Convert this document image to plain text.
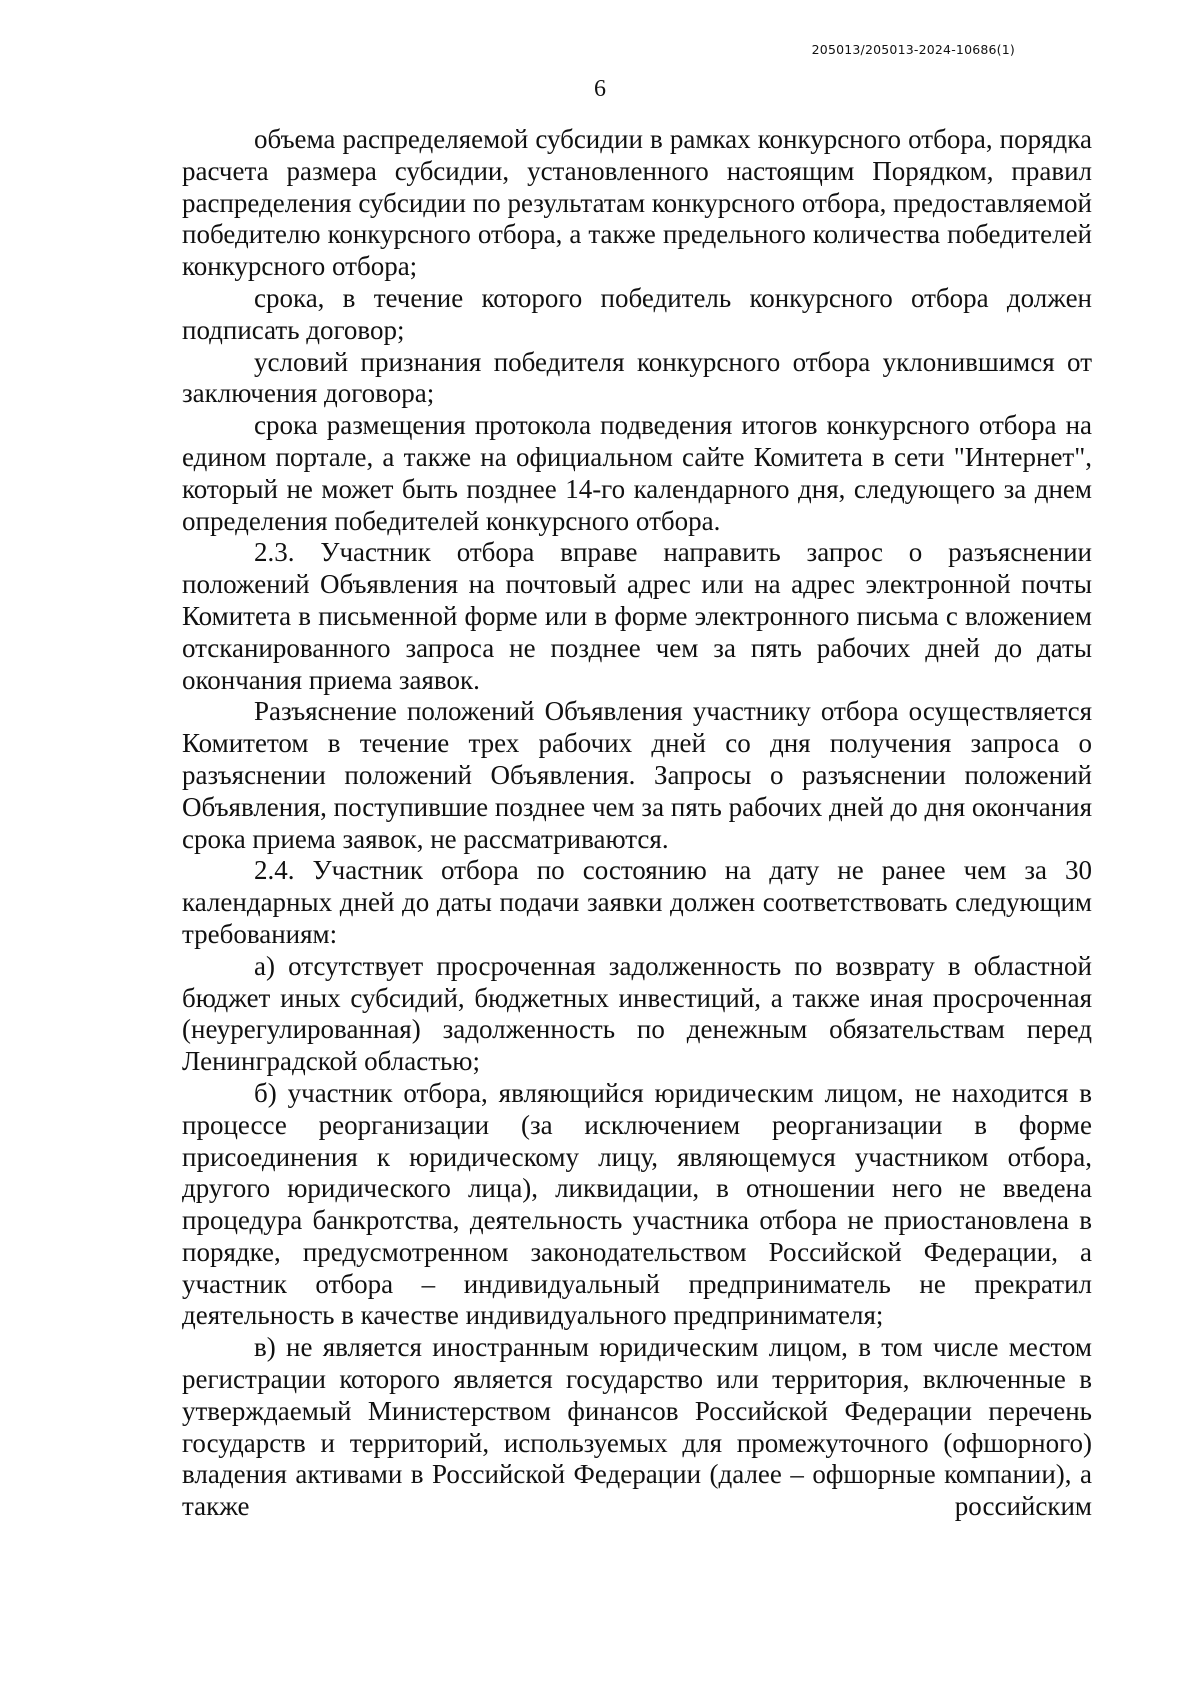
205013/205013-2024-10686(1)
6

объема распределяемой субсидии в рамках конкурсного отбора, порядка расчета размера субсидии, установленного настоящим Порядком, правил распределения субсидии по результатам конкурсного отбора, предоставляемой победителю конкурсного отбора, а также предельного количества победителей конкурсного отбора;

срока, в течение которого победитель конкурсного отбора должен подписать договор;

условий признания победителя конкурсного отбора уклонившимся от заключения договора;

срока размещения протокола подведения итогов конкурсного отбора на едином портале, а также на официальном сайте Комитета в сети "Интернет", который не может быть позднее 14-го календарного дня, следующего за днем определения победителей конкурсного отбора.

2.3. Участник отбора вправе направить запрос о разъяснении положений Объявления на почтовый адрес или на адрес электронной почты Комитета в письменной форме или в форме электронного письма с вложением отсканированного запроса не позднее чем за пять рабочих дней до даты окончания приема заявок.

Разъяснение положений Объявления участнику отбора осуществляется Комитетом в течение трех рабочих дней со дня получения запроса о разъяснении положений Объявления. Запросы о разъяснении положений Объявления, поступившие позднее чем за пять рабочих дней до дня окончания срока приема заявок, не рассматриваются.

2.4. Участник отбора по состоянию на дату не ранее чем за 30 календарных дней до даты подачи заявки должен соответствовать следующим требованиям:

а) отсутствует просроченная задолженность по возврату в областной бюджет иных субсидий, бюджетных инвестиций, а также иная просроченная (неурегулированная) задолженность по денежным обязательствам перед Ленинградской областью;

б) участник отбора, являющийся юридическим лицом, не находится в процессе реорганизации (за исключением реорганизации в форме присоединения к юридическому лицу, являющемуся участником отбора, другого юридического лица), ликвидации, в отношении него не введена процедура банкротства, деятельность участника отбора не приостановлена в порядке, предусмотренном законодательством Российской Федерации, а участник отбора – индивидуальный предприниматель не прекратил деятельность в качестве индивидуального предпринимателя;

в) не является иностранным юридическим лицом, в том числе местом регистрации которого является государство или территория, включенные в утверждаемый Министерством финансов Российской Федерации перечень государств и территорий, используемых для промежуточного (офшорного) владения активами в Российской Федерации (далее – офшорные компании), а также российским
